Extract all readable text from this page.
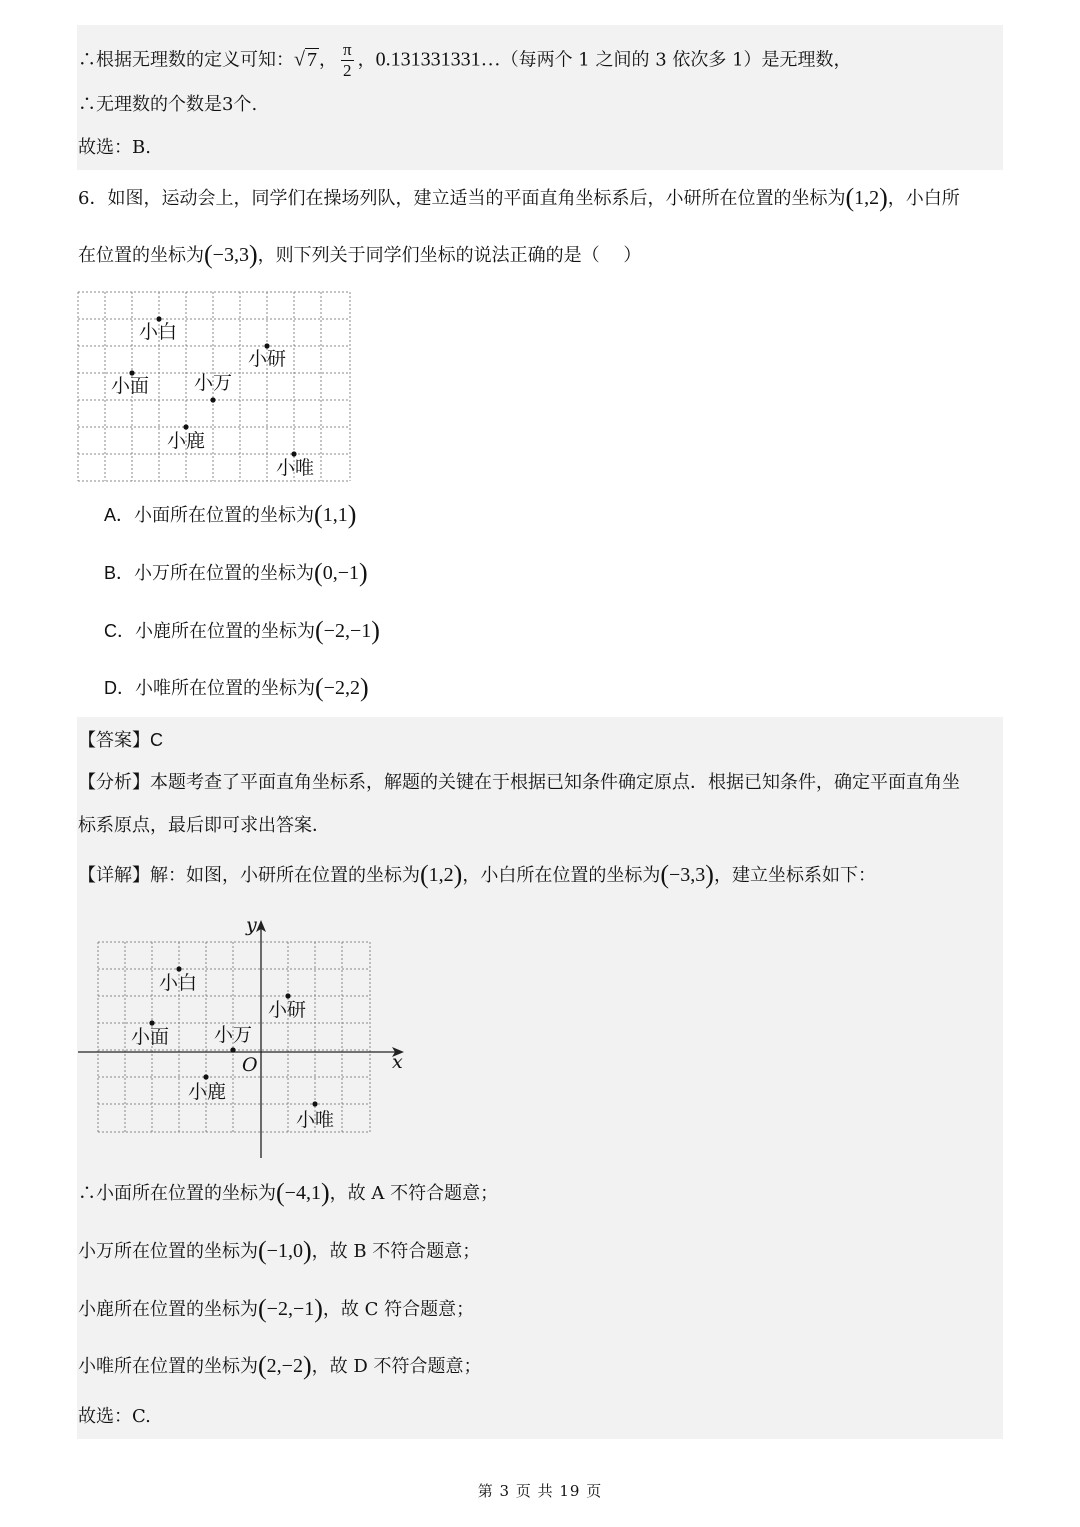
∴根据无理数的定义可知：√ 7 ， $\frac{\pi}{2}$ ，0.131331331…（每两个 1 之间的 3 依次多 1）是无理数，
∴无理数的个数是3个.
故选：B.
6．如图，运动会上，同学们在操场列队，建立适当的平面直角坐标系后，小研所在位置的坐标为(1,2)，小白所
在位置的坐标为(−3,3)，则下列关于同学们坐标的说法正确的是（　 ）
小白
小研
小面 小万
小鹿
小唯
A．小面所在位置的坐标为(1,1)
B．小万所在位置的坐标为(0,−1)
C．小鹿所在位置的坐标为(−2,−1)
D．小唯所在位置的坐标为(−2,2)
【答案】C
【分析】本题考查了平面直角坐标系，解题的关键在于根据已知条件确定原点．根据已知条件，确定平面直角坐
标系原点，最后即可求出答案．
【详解】解：如图，小研所在位置的坐标为(1,2)，小白所在位置的坐标为(−3,3)，建立坐标系如下：
y
x
O
小白
小研
小面 小万
小鹿
小唯
∴小面所在位置的坐标为(−4,1)，故 A 不符合题意；
小万所在位置的坐标为(−1,0)，故 B 不符合题意；
小鹿所在位置的坐标为(−2,−1)，故 C 符合题意；
小唯所在位置的坐标为(2,−2)，故 D 不符合题意；
故选：C.
第 3 页 共 19 页
